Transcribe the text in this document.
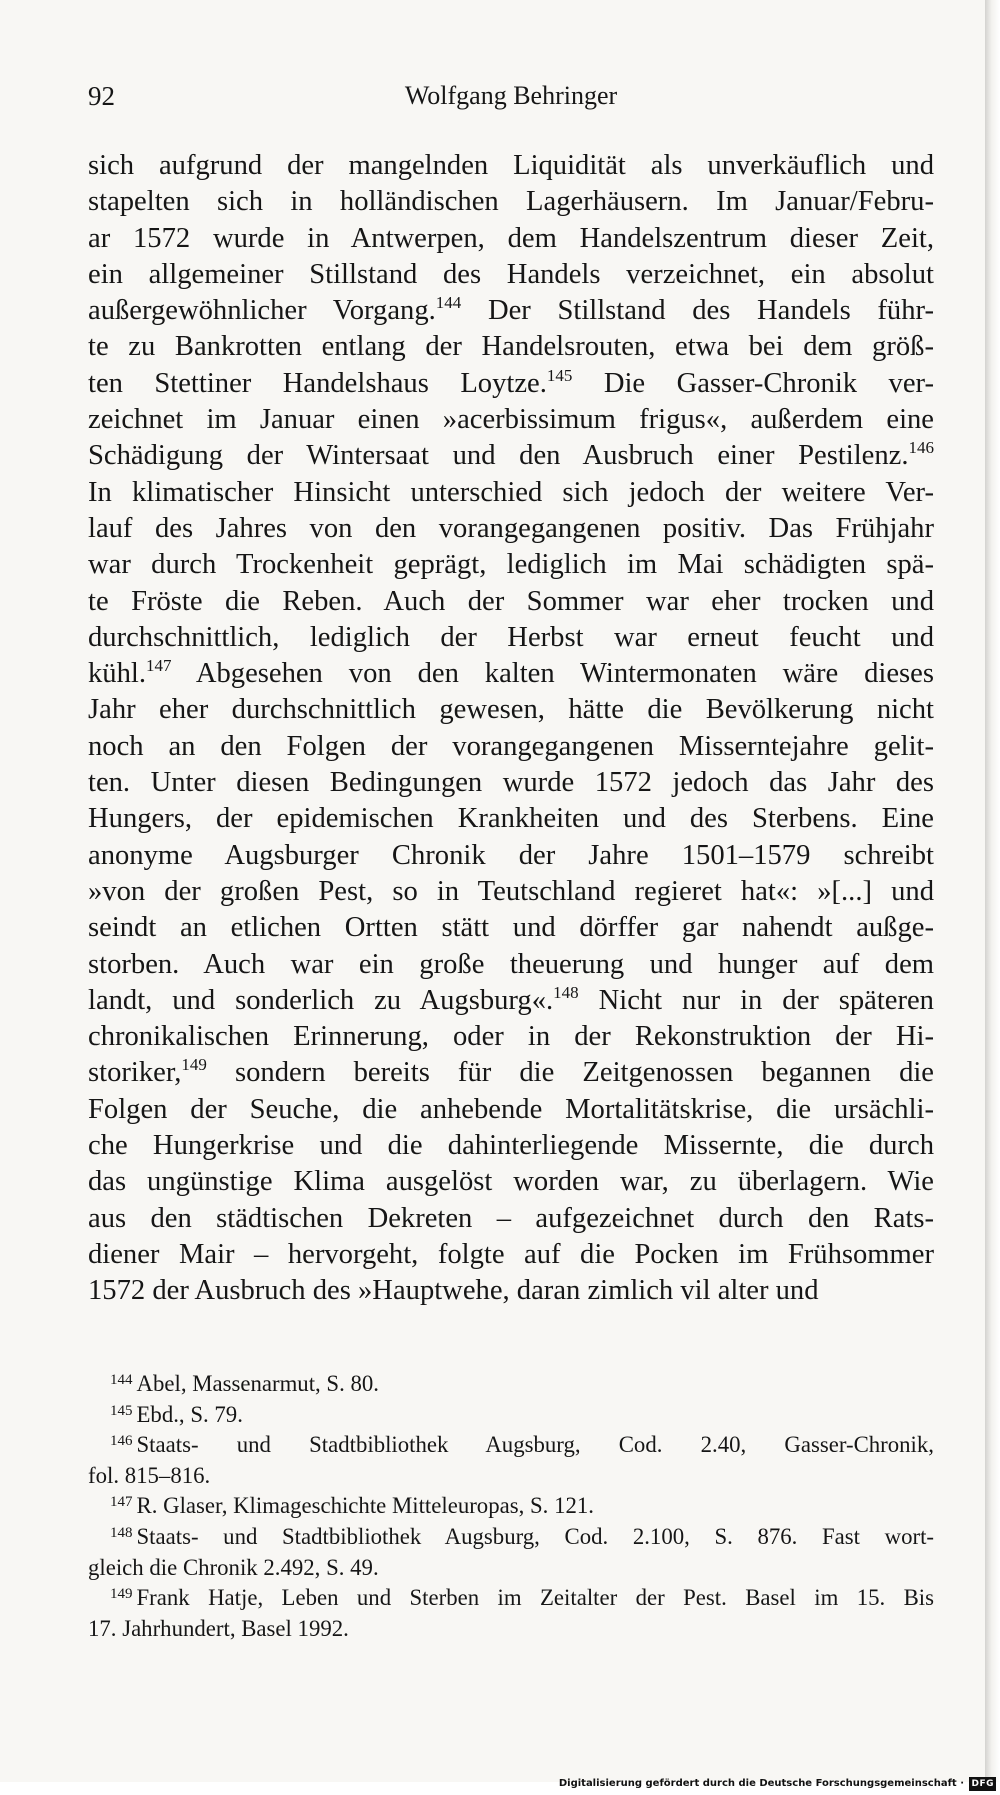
92	Wolfgang Behringer
sich aufgrund der mangelnden Liquidität als unverkäuflich und
stapelten sich in holländischen Lagerhäusern. Im Januar/Febru-
ar 1572 wurde in Antwerpen, dem Handelszentrum dieser Zeit,
ein allgemeiner Stillstand des Handels verzeichnet, ein absolut
außergewöhnlicher Vorgang.$^{144}$ Der Stillstand des Handels führ-
te zu Bankrotten entlang der Handelsrouten, etwa bei dem größ-
ten Stettiner Handelshaus Loytze.$^{145}$ Die Gasser-Chronik ver-
zeichnet im Januar einen »acerbissimum frigus«, außerdem eine
Schädigung der Wintersaat und den Ausbruch einer Pestilenz.$^{146}$
In klimatischer Hinsicht unterschied sich jedoch der weitere Ver-
lauf des Jahres von den vorangegangenen positiv. Das Frühjahr
war durch Trockenheit geprägt, lediglich im Mai schädigten spä-
te Fröste die Reben. Auch der Sommer war eher trocken und
durchschnittlich, lediglich der Herbst war erneut feucht und
kühl.$^{147}$ Abgesehen von den kalten Wintermonaten wäre dieses
Jahr eher durchschnittlich gewesen, hätte die Bevölkerung nicht
noch an den Folgen der vorangegangenen Misserntejahre gelit-
ten. Unter diesen Bedingungen wurde 1572 jedoch das Jahr des
Hungers, der epidemischen Krankheiten und des Sterbens. Eine
anonyme Augsburger Chronik der Jahre 1501–1579 schreibt
»von der großen Pest, so in Teutschland regieret hat«: »[...] und
seindt an etlichen Ortten stätt und dörffer gar nahendt außge-
storben. Auch war ein große theuerung und hunger auf dem
landt, und sonderlich zu Augsburg«.$^{148}$ Nicht nur in der späteren
chronikalischen Erinnerung, oder in der Rekonstruktion der Hi-
storiker,$^{149}$ sondern bereits für die Zeitgenossen begannen die
Folgen der Seuche, die anhebende Mortalitätskrise, die ursächli-
che Hungerkrise und die dahinterliegende Missernte, die durch
das ungünstige Klima ausgelöst worden war, zu überlagern. Wie
aus den städtischen Dekreten – aufgezeichnet durch den Rats-
diener Mair – hervorgeht, folgte auf die Pocken im Frühsommer
1572 der Ausbruch des »Hauptwehe, daran zimlich vil alter und
$^{144}$ Abel, Massenarmut, S. 80.
$^{145}$ Ebd., S. 79.
$^{146}$ Staats- und Stadtbibliothek Augsburg, Cod. 2.40, Gasser-Chronik,
fol. 815–816.
$^{147}$ R. Glaser, Klimageschichte Mitteleuropas, S. 121.
$^{148}$ Staats- und Stadtbibliothek Augsburg, Cod. 2.100, S. 876. Fast wort-
gleich die Chronik 2.492, S. 49.
$^{149}$ Frank Hatje, Leben und Sterben im Zeitalter der Pest. Basel im 15. Bis
17. Jahrhundert, Basel 1992.
Digitalisierung gefördert durch die Deutsche Forschungsgemeinschaft · DFG
